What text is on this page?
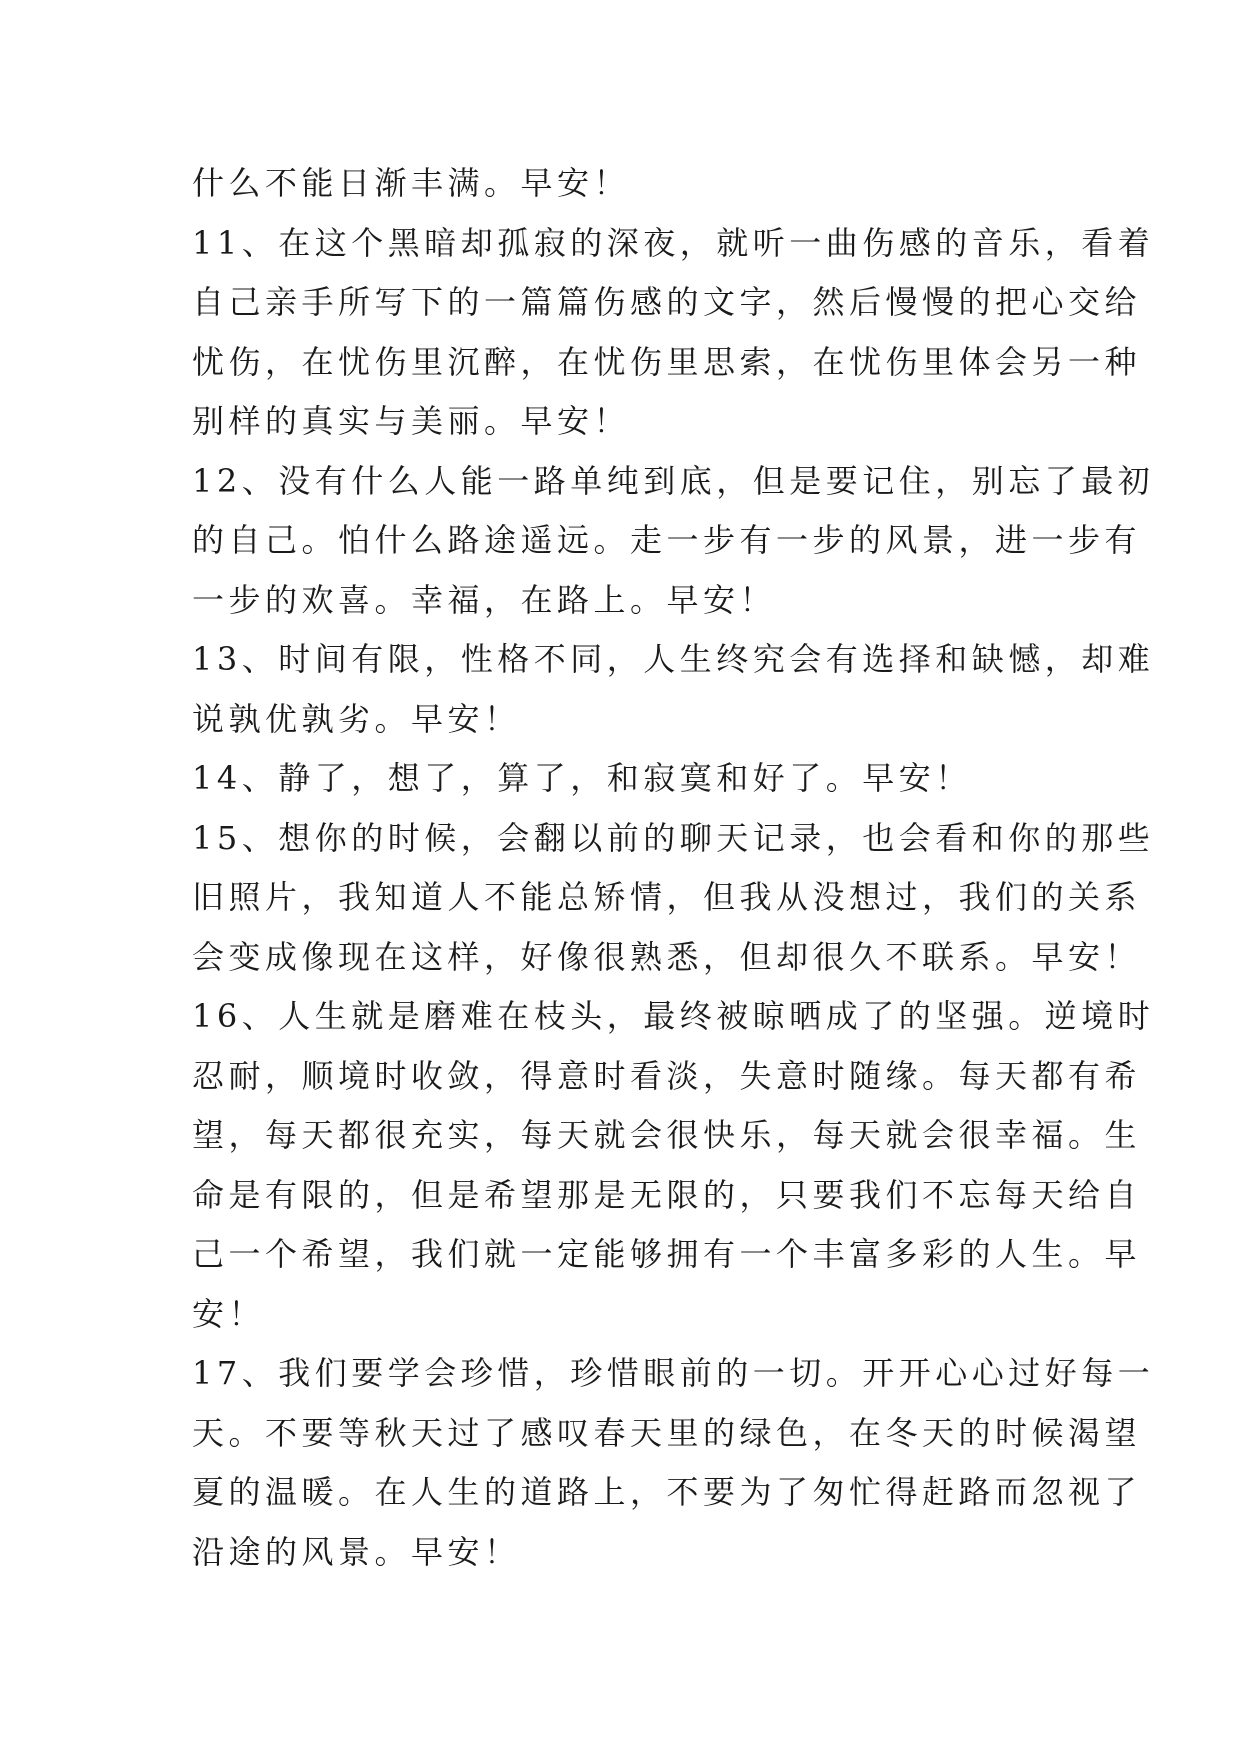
什么不能日渐丰满。早安！
11、在这个黑暗却孤寂的深夜，就听一曲伤感的音乐，看着
自己亲手所写下的一篇篇伤感的文字，然后慢慢的把心交给
忧伤，在忧伤里沉醉，在忧伤里思索，在忧伤里体会另一种
别样的真实与美丽。早安！
12、没有什么人能一路单纯到底，但是要记住，别忘了最初
的自己。怕什么路途遥远。走一步有一步的风景，进一步有
一步的欢喜。幸福，在路上。早安！
13、时间有限，性格不同，人生终究会有选择和缺憾，却难
说孰优孰劣。早安！
14、静了，想了，算了，和寂寞和好了。早安！
15、想你的时候，会翻以前的聊天记录，也会看和你的那些
旧照片，我知道人不能总矫情，但我从没想过，我们的关系
会变成像现在这样，好像很熟悉，但却很久不联系。早安！
16、人生就是磨难在枝头，最终被晾晒成了的坚强。逆境时
忍耐，顺境时收敛，得意时看淡，失意时随缘。每天都有希
望，每天都很充实，每天就会很快乐，每天就会很幸福。生
命是有限的，但是希望那是无限的，只要我们不忘每天给自
己一个希望，我们就一定能够拥有一个丰富多彩的人生。早
安！
17、我们要学会珍惜，珍惜眼前的一切。开开心心过好每一
天。不要等秋天过了感叹春天里的绿色，在冬天的时候渴望
夏的温暖。在人生的道路上，不要为了匆忙得赶路而忽视了
沿途的风景。早安！
